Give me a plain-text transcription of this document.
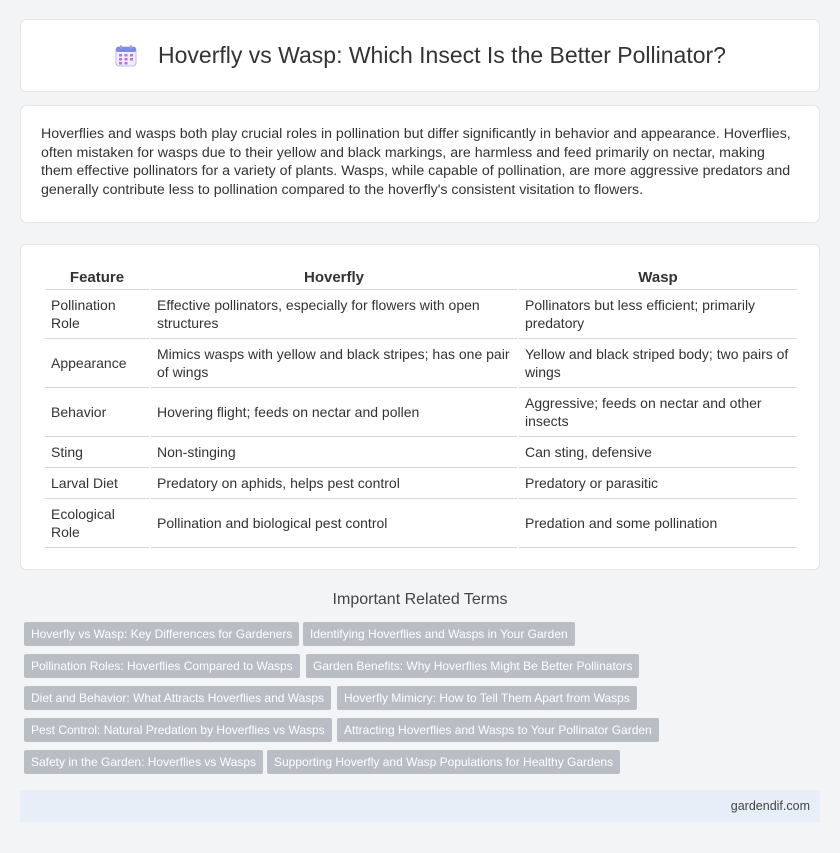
Hoverfly vs Wasp: Which Insect Is the Better Pollinator?

Hoverflies and wasps both play crucial roles in pollination but differ significantly in behavior and appearance. Hoverflies, often mistaken for wasps due to their yellow and black markings, are harmless and feed primarily on nectar, making them effective pollinators for a variety of plants. Wasps, while capable of pollination, are more aggressive predators and generally contribute less to pollination compared to the hoverfly's consistent visitation to flowers.

Feature	Hoverfly	Wasp
Pollination Role	Effective pollinators, especially for flowers with open structures	Pollinators but less efficient; primarily predatory
Appearance	Mimics wasps with yellow and black stripes; has one pair of wings	Yellow and black striped body; two pairs of wings
Behavior	Hovering flight; feeds on nectar and pollen	Aggressive; feeds on nectar and other insects
Sting	Non-stinging	Can sting, defensive
Larval Diet	Predatory on aphids, helps pest control	Predatory or parasitic
Ecological Role	Pollination and biological pest control	Predation and some pollination
Important Related Terms
Hoverfly vs Wasp: Key Differences for Gardeners	Identifying Hoverflies and Wasps in Your Garden
Pollination Roles: Hoverflies Compared to Wasps	Garden Benefits: Why Hoverflies Might Be Better Pollinators
Diet and Behavior: What Attracts Hoverflies and Wasps	Hoverfly Mimicry: How to Tell Them Apart from Wasps
Pest Control: Natural Predation by Hoverflies vs Wasps	Attracting Hoverflies and Wasps to Your Pollinator Garden
Safety in the Garden: Hoverflies vs Wasps	Supporting Hoverfly and Wasp Populations for Healthy Gardens
gardendif.com
